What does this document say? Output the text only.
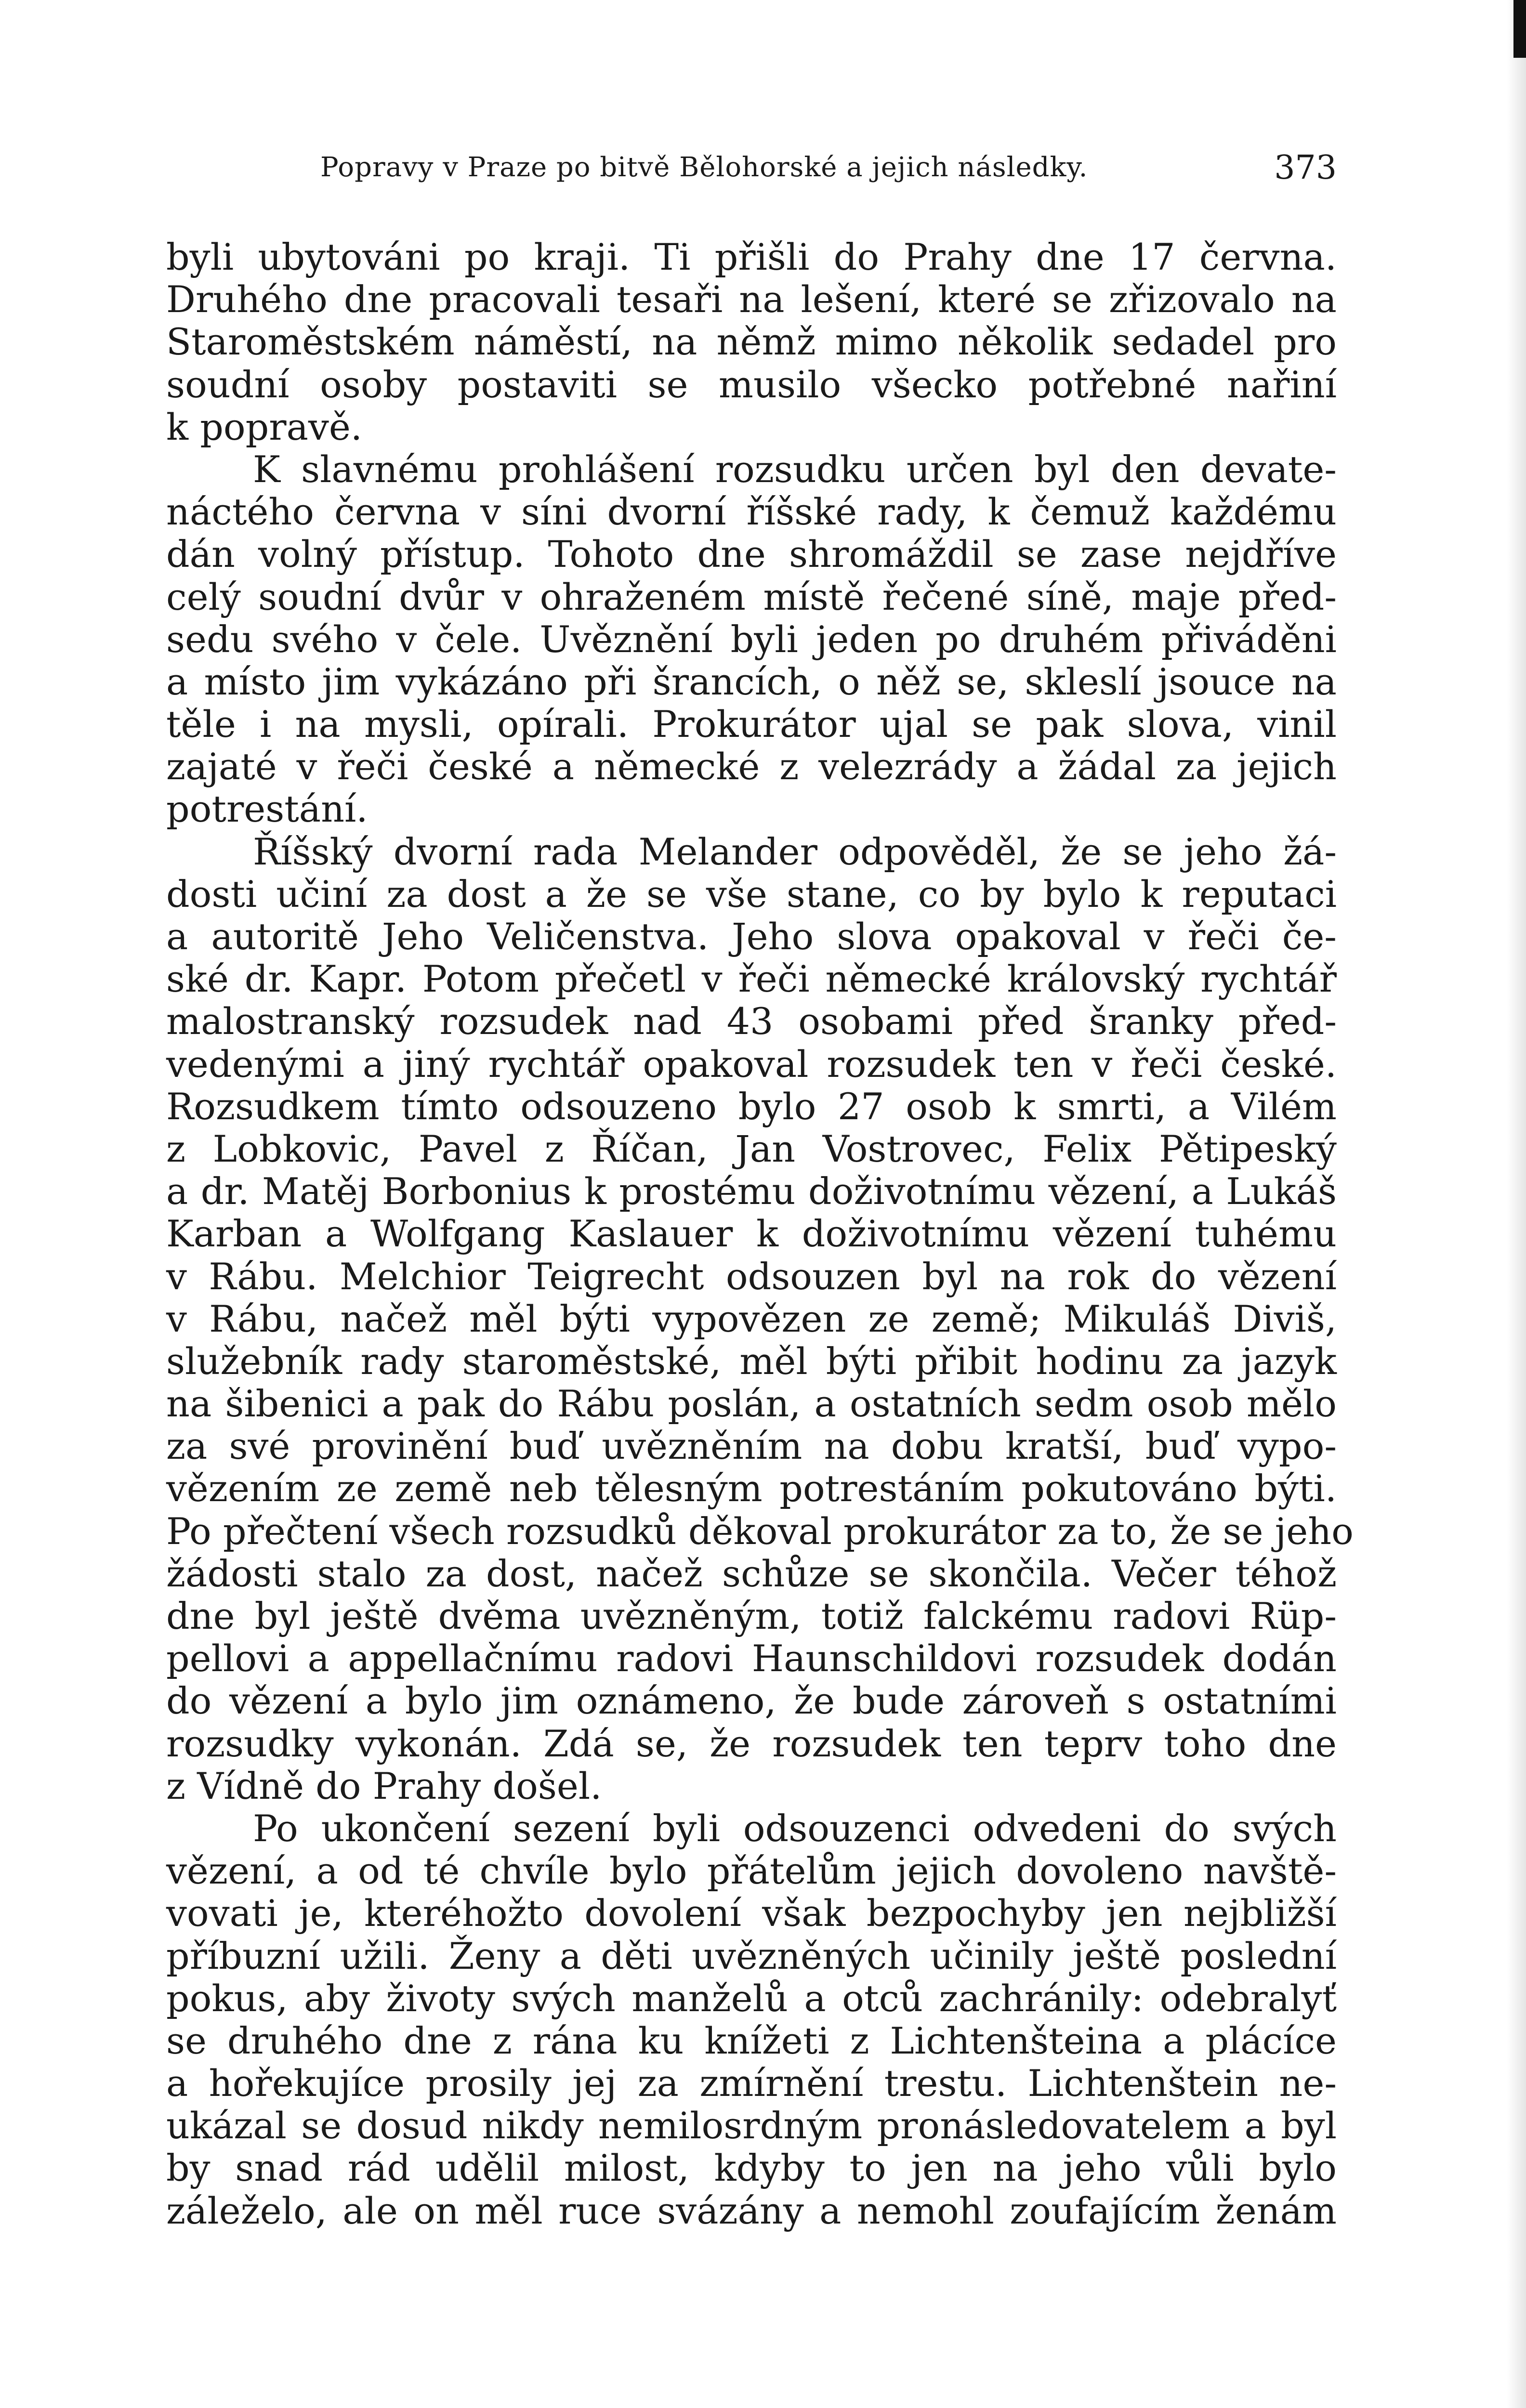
Popravy v Praze po bitvě Bělohorské a jejich následky.	373
byli ubytováni po kraji. Ti přišli do Prahy dne 17 června.
Druhého dne pracovali tesaři na lešení, které se zřizovalo na
Staroměstském náměstí, na němž mimo několik sedadel pro
soudní osoby postaviti se musilo všecko potřebné nařiní
k popravě.
K slavnému prohlášení rozsudku určen byl den devate-
náctého června v síni dvorní říšské rady, k čemuž každému
dán volný přístup. Tohoto dne shromáždil se zase nejdříve
celý soudní dvůr v ohraženém místě řečené síně, maje před-
sedu svého v čele. Uvěznění byli jeden po druhém přiváděni
a místo jim vykázáno při šrancích, o něž se, skleslí jsouce na
těle i na mysli, opírali. Prokurátor ujal se pak slova, vinil
zajaté v řeči české a německé z velezrády a žádal za jejich
potrestání.
Říšský dvorní rada Melander odpověděl, že se jeho žá-
dosti učiní za dost a že se vše stane, co by bylo k reputaci
a autoritě Jeho Veličenstva. Jeho slova opakoval v řeči če-
ské dr. Kapr. Potom přečetl v řeči německé královský rychtář
malostranský rozsudek nad 43 osobami před šranky před-
vedenými a jiný rychtář opakoval rozsudek ten v řeči české.
Rozsudkem tímto odsouzeno bylo 27 osob k smrti, a Vilém
z Lobkovic, Pavel z Říčan, Jan Vostrovec, Felix Pětipeský
a dr. Matěj Borbonius k prostému doživotnímu vězení, a Lukáš
Karban a Wolfgang Kaslauer k doživotnímu vězení tuhému
v Rábu. Melchior Teigrecht odsouzen byl na rok do vězení
v Rábu, načež měl býti vypovězen ze země; Mikuláš Diviš,
služebník rady staroměstské, měl býti přibit hodinu za jazyk
na šibenici a pak do Rábu poslán, a ostatních sedm osob mělo
za své provinění buď uvězněním na dobu kratší, buď vypo-
vězením ze země neb tělesným potrestáním pokutováno býti.
Po přečtení všech rozsudků děkoval prokurátor za to, že se jeho
žádosti stalo za dost, načež schůze se skončila. Večer téhož
dne byl ještě dvěma uvězněným, totiž falckému radovi Rüp-
pellovi a appellačnímu radovi Haunschildovi rozsudek dodán
do vězení a bylo jim oznámeno, že bude zároveň s ostatními
rozsudky vykonán. Zdá se, že rozsudek ten teprv toho dne
z Vídně do Prahy došel.
Po ukončení sezení byli odsouzenci odvedeni do svých
vězení, a od té chvíle bylo přátelům jejich dovoleno navště-
vovati je, kteréhožto dovolení však bezpochyby jen nejbližší
příbuzní užili. Ženy a děti uvězněných učinily ještě poslední
pokus, aby životy svých manželů a otců zachránily: odebralyť
se druhého dne z rána ku knížeti z Lichtenšteina a plácíce
a hořekujíce prosily jej za zmírnění trestu. Lichtenštein ne-
ukázal se dosud nikdy nemilosrdným pronásledovatelem a byl
by snad rád udělil milost, kdyby to jen na jeho vůli bylo
záleželo, ale on měl ruce svázány a nemohl zoufajícím ženám
